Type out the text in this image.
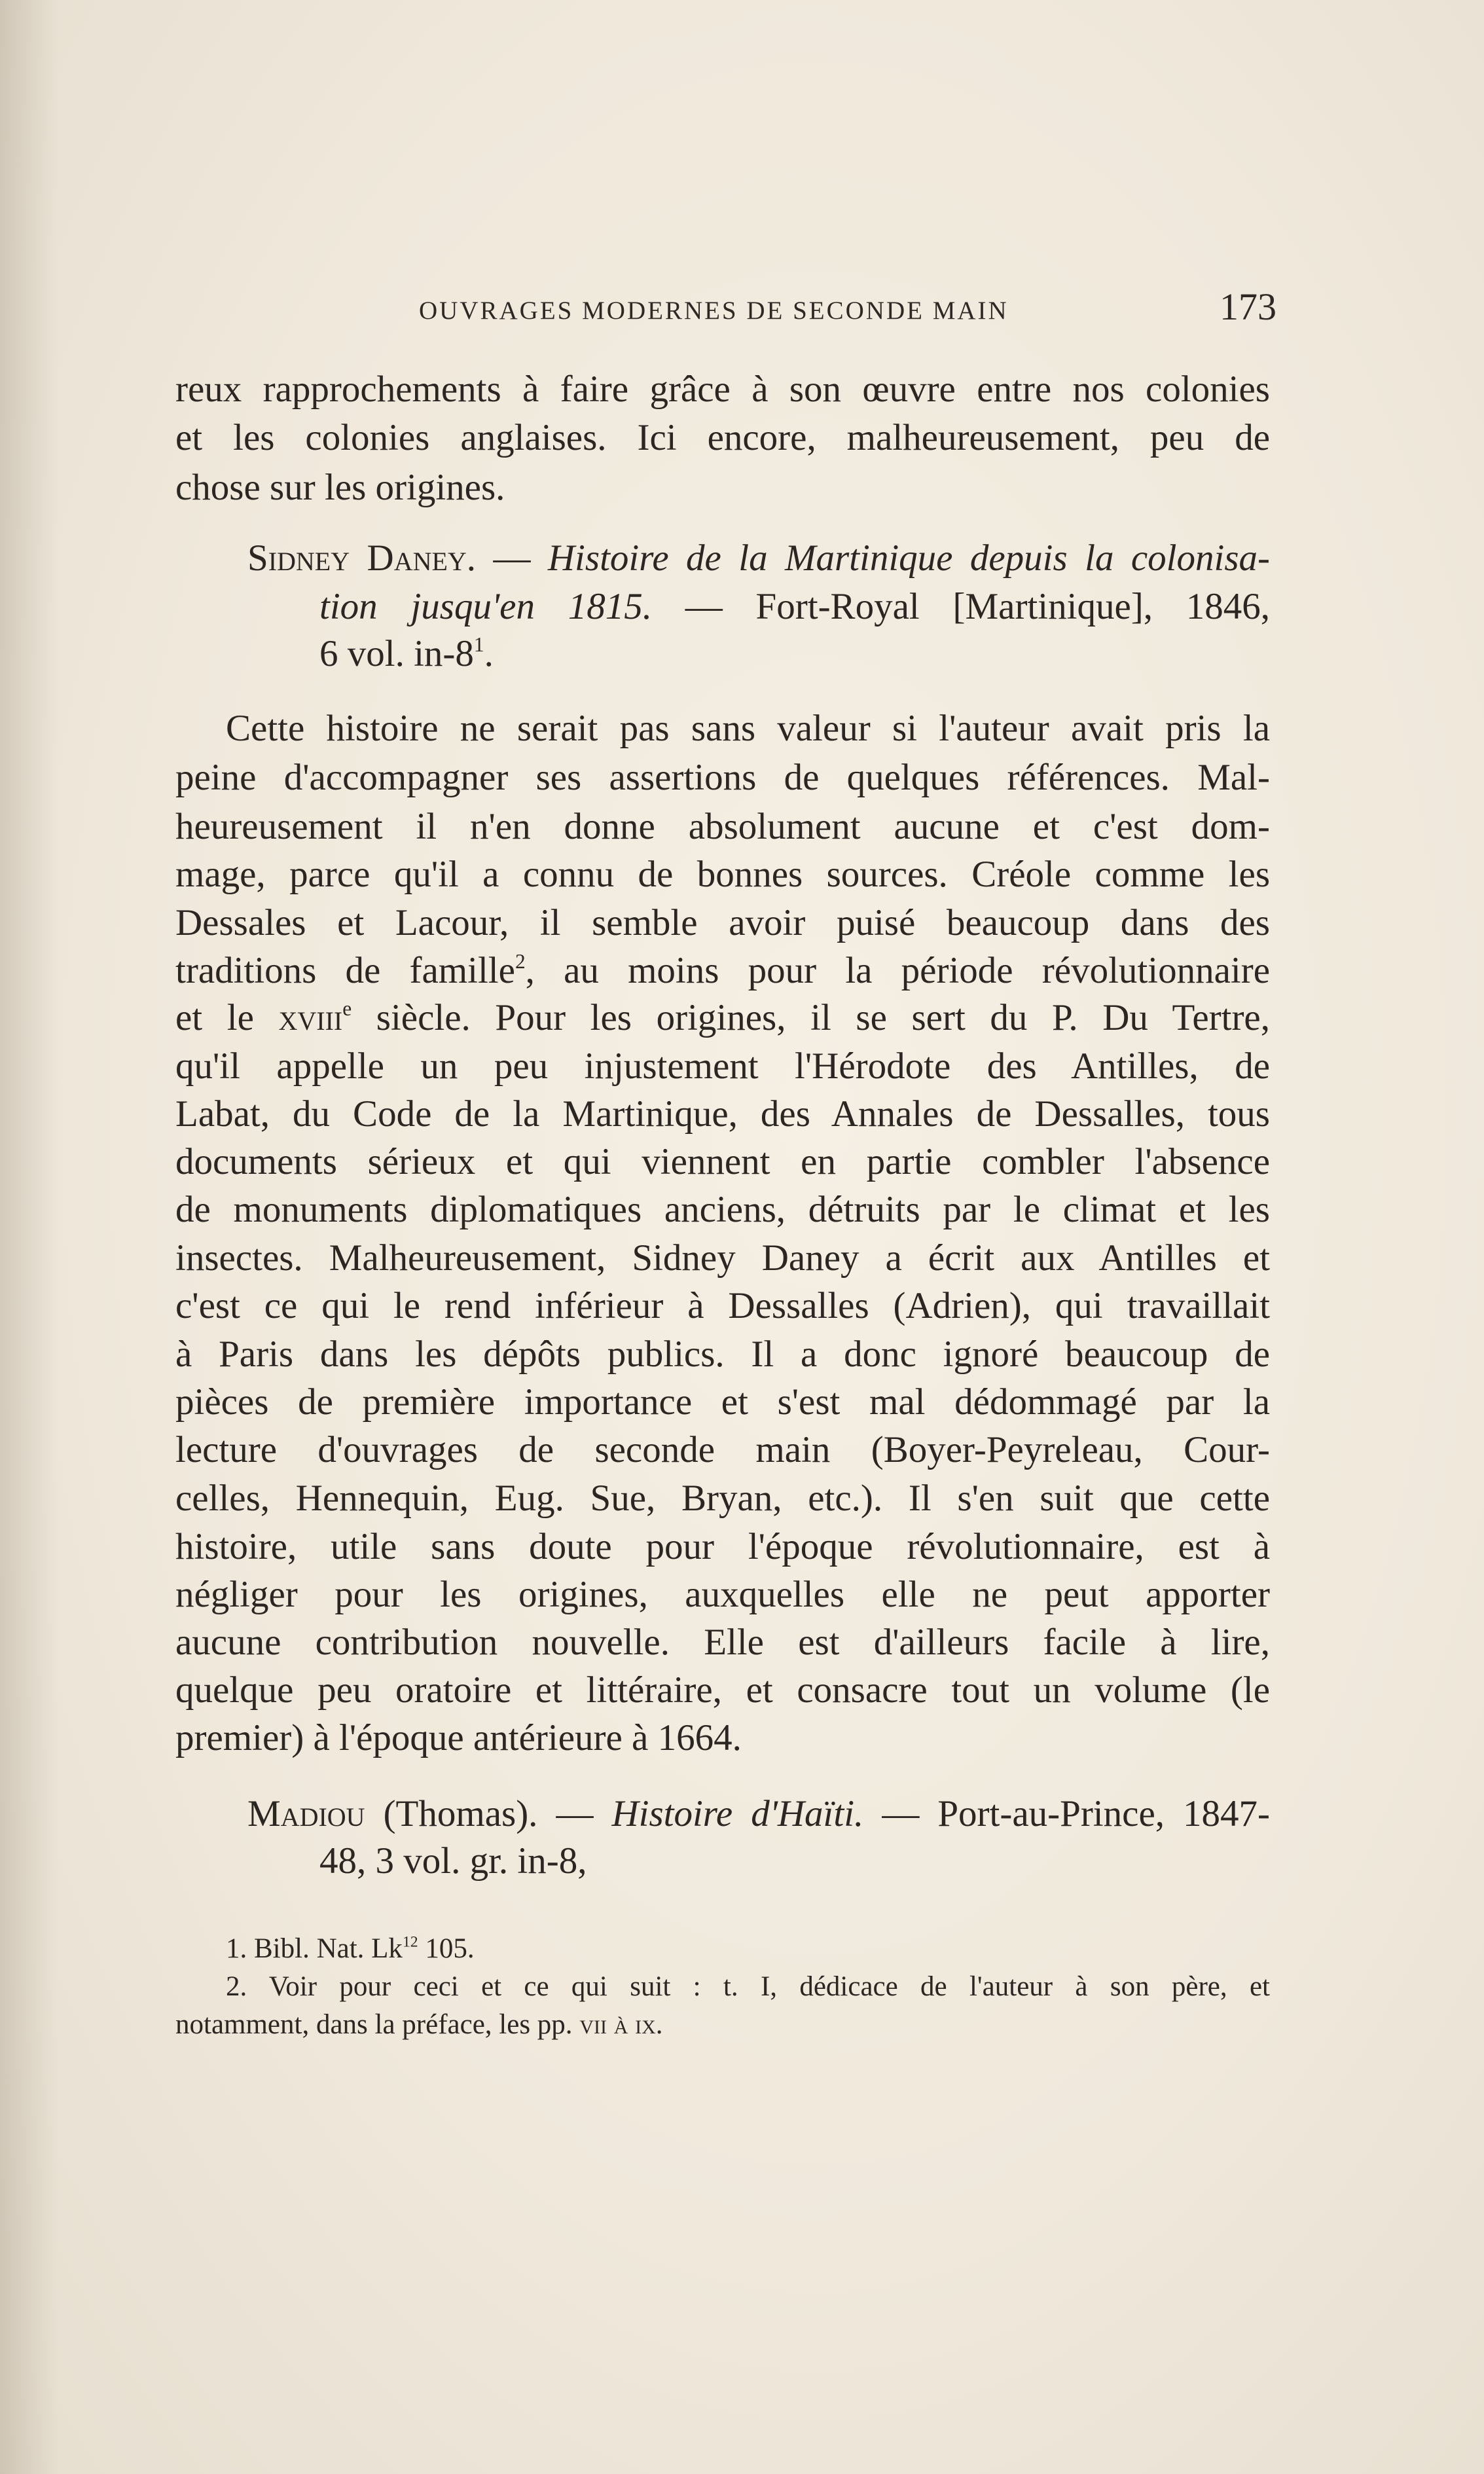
OUVRAGES MODERNES DE SECONDE MAIN	173
reux rapprochements à faire grâce à son œuvre entre nos colonies
et les colonies anglaises. Ici encore, malheureusement, peu de
chose sur les origines.
Sidney Daney. — Histoire de la Martinique depuis la colonisa-
tion jusqu'en 1815. — Fort-Royal [Martinique], 1846,
6 vol. $in-8^1$.
Cette histoire ne serait pas sans valeur si l'auteur avait pris la
peine d'accompagner ses assertions de quelques références. Mal-
heureusement il n'en donne absolument aucune et c'est dom-
mage, parce qu'il a connu de bonnes sources. Créole comme les
Dessales et Lacour, il semble avoir puisé beaucoup dans des
traditions de famille$^2$, au moins pour la période révolutionnaire
et le xviii$^e$ siècle. Pour les origines, il se sert du P. Du Tertre,
qu'il appelle un peu injustement l'Hérodote des Antilles, de
Labat, du Code de la Martinique, des Annales de Dessalles, tous
documents sérieux et qui viennent en partie combler l'absence
de monuments diplomatiques anciens, détruits par le climat et les
insectes. Malheureusement, Sidney Daney a écrit aux Antilles et
c'est ce qui le rend inférieur à Dessalles (Adrien), qui travaillait
à Paris dans les dépôts publics. Il a donc ignoré beaucoup de
pièces de première importance et s'est mal dédommagé par la
lecture d'ouvrages de seconde main (Boyer-Peyreleau, Cour-
celles, Hennequin, Eug. Sue, Bryan, etc.). Il s'en suit que cette
histoire, utile sans doute pour l'époque révolutionnaire, est à
négliger pour les origines, auxquelles elle ne peut apporter
aucune contribution nouvelle. Elle est d'ailleurs facile à lire,
quelque peu oratoire et littéraire, et consacre tout un volume (le
premier) à l'époque antérieure à 1664.
Madiou (Thomas). — Histoire d'Haïti. — Port-au-Prince, 1847-
48, 3 vol. gr. in-8,
1. Bibl. Nat. Lk$^{12}$ 105.
2. Voir pour ceci et ce qui suit : t. I, dédicace de l'auteur à son père, et
notamment, dans la préface, les pp. vii à ix.
